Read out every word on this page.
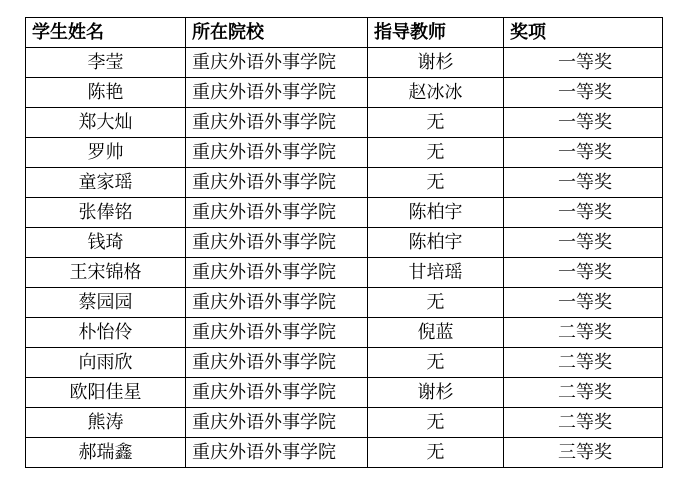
学生姓名	所在院校	指导教师	奖项
李莹	重庆外语外事学院	谢杉	一等奖
陈艳	重庆外语外事学院	赵冰冰	一等奖
郑大灿	重庆外语外事学院	无	一等奖
罗帅	重庆外语外事学院	无	一等奖
童家瑶	重庆外语外事学院	无	一等奖
张俸铭	重庆外语外事学院	陈柏宇	一等奖
钱琦	重庆外语外事学院	陈柏宇	一等奖
王宋锦格	重庆外语外事学院	甘培瑶	一等奖
蔡园园	重庆外语外事学院	无	一等奖
朴怡伶	重庆外语外事学院	倪蓝	二等奖
向雨欣	重庆外语外事学院	无	二等奖
欧阳佳星	重庆外语外事学院	谢杉	二等奖
熊涛	重庆外语外事学院	无	二等奖
郝瑞鑫	重庆外语外事学院	无	三等奖
